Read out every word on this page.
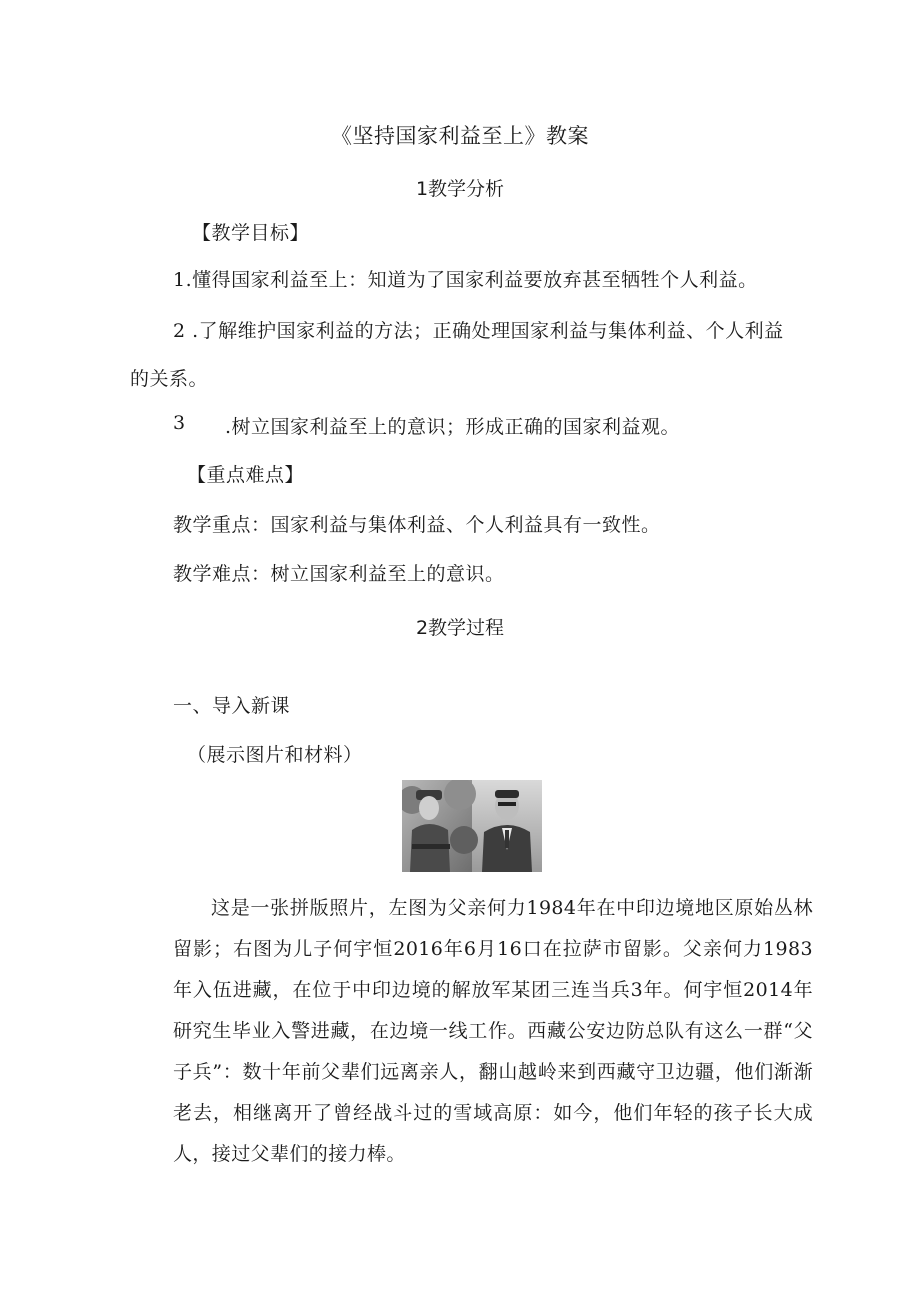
《坚持国家利益至上》教案
1教学分析
【教学目标】
1.懂得国家利益至上：知道为了国家利益要放弃甚至牺牲个人利益。
2 .了解维护国家利益的方法；正确处理国家利益与集体利益、个人利益
的关系。
3 .树立国家利益至上的意识；形成正确的国家利益观。
【重点难点】
教学重点：国家利益与集体利益、个人利益具有一致性。
教学难点：树立国家利益至上的意识。
2教学过程
一、导入新课
（展示图片和材料）
这是一张拼版照片，左图为父亲何力1984年在中印边境地区原始丛林留影；右图为儿子何宇恒2016年6月16口在拉萨市留影。父亲何力1983年入伍进藏，在位于中印边境的解放军某团三连当兵3年。何宇恒2014年研究生毕业入警进藏，在边境一线工作。西藏公安边防总队有这么一群“父子兵”：数十年前父辈们远离亲人，翻山越岭来到西藏守卫边疆，他们渐渐老去，相继离开了曾经战斗过的雪域高原：如今，他们年轻的孩子长大成人，接过父辈们的接力棒。
